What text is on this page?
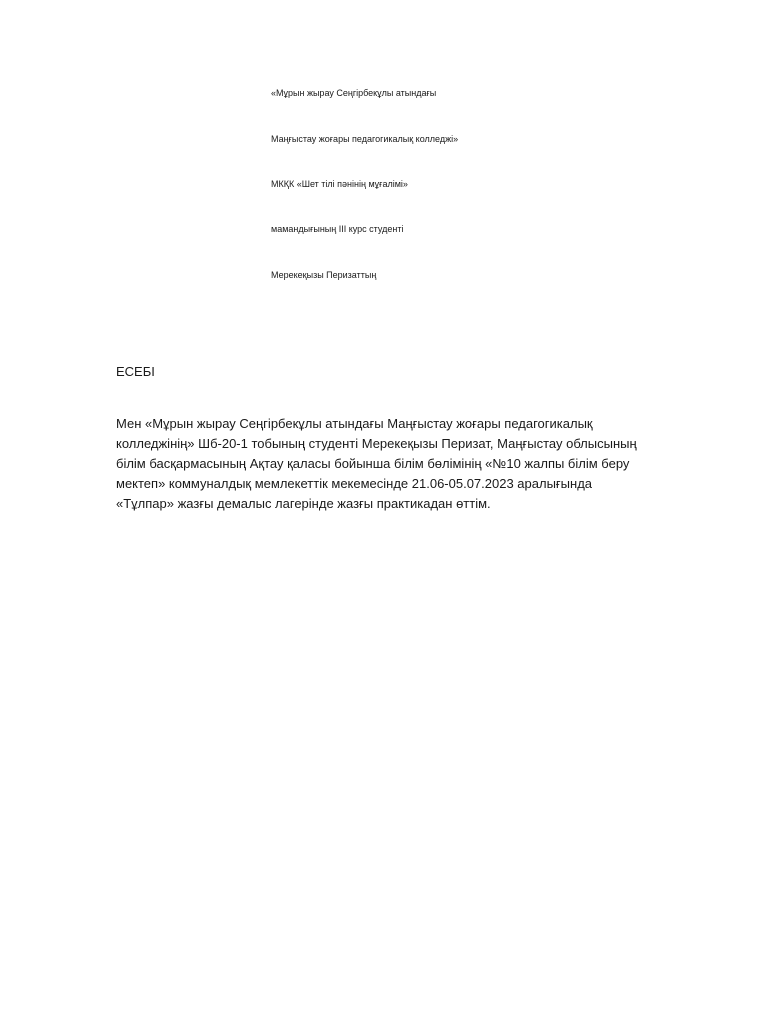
«Мұрын жырау Сеңгірбекұлы атындағы
Маңғыстау жоғары педагогикалық колледжі»
МКҚК «Шет тілі пәнінің мұғалімі»
мамандығының ІІІ курс студенті
Мерекеқызы Перизаттың
ЕСЕБІ
Мен «Мұрын жырау Сеңгірбекұлы атындағы Маңғыстау жоғары педагогикалық
колледжінің» Шб-20-1 тобының студенті Мерекеқызы Перизат, Маңғыстау облысының
білім басқармасының Ақтау қаласы бойынша білім бөлімінің «№10 жалпы білім беру
мектеп» коммуналдық мемлекеттік мекемесінде 21.06-05.07.2023 аралығында
«Тұлпар» жазғы демалыс лагерінде жазғы практикадан өттім.
